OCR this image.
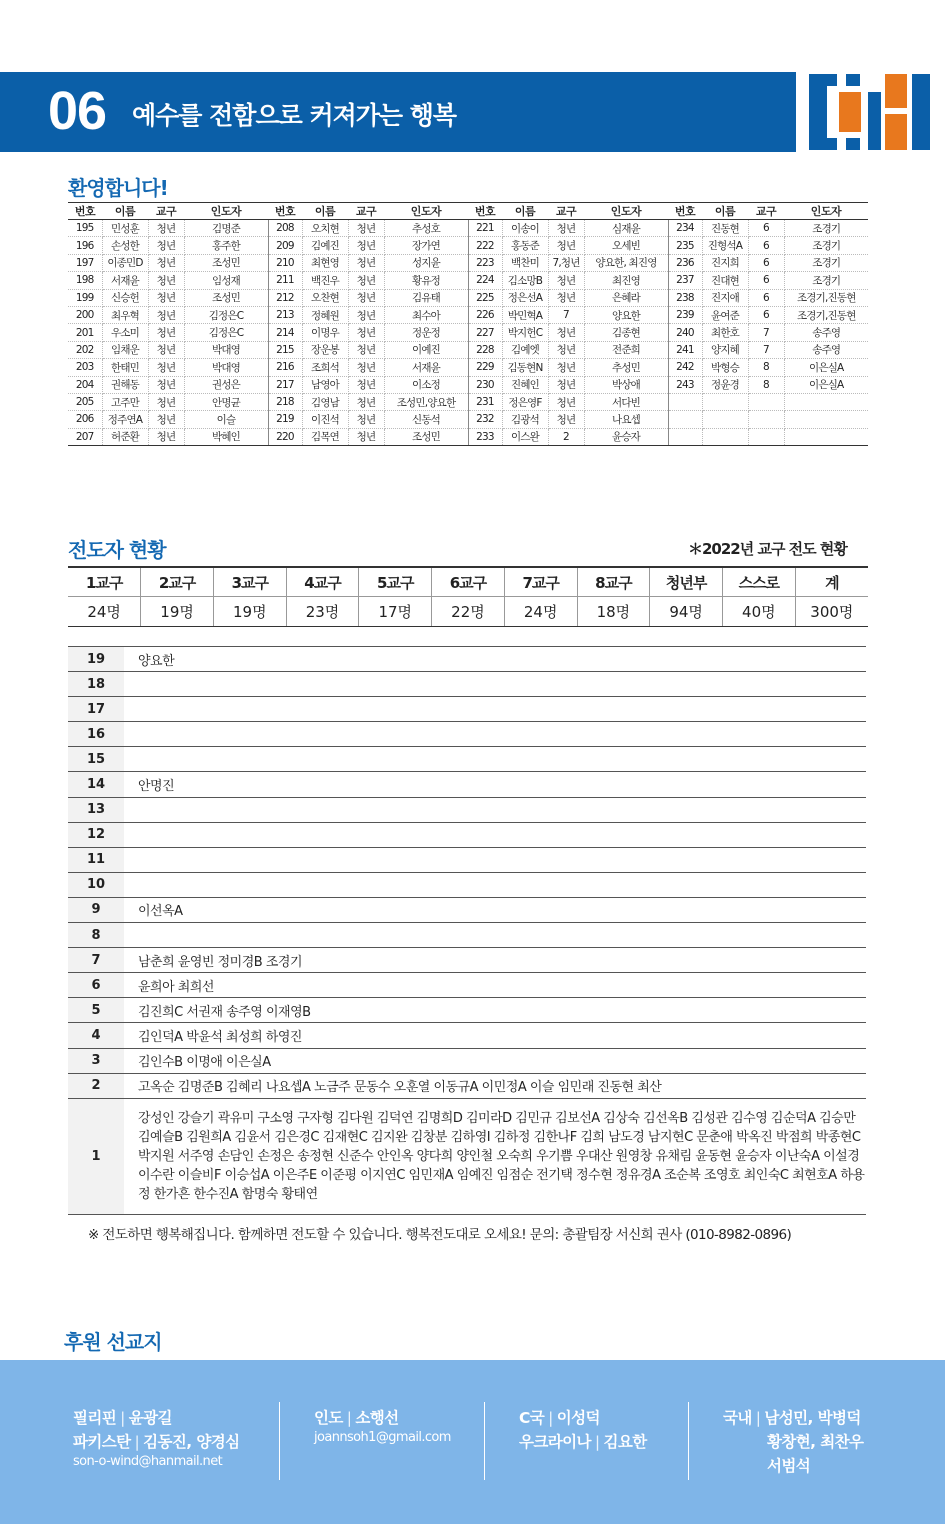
06 예수를 전함으로 커져가는 행복
환영합니다!
번호	이름	교구	인도자	번호	이름	교구	인도자	번호	이름	교구	인도자	번호	이름	교구	인도자
195	민성훈	청년	김명준	208	오치현	청년	추성호	221	이송이	청년	심재윤	234	진동현	6	조경기
196	손성한	청년	홍주한	209	김예진	청년	장가연	222	홍동준	청년	오세빈	235	진형석A	6	조경기
197	이종민D	청년	조성민	210	최현영	청년	성지윤	223	백찬미	7,청년	양요한, 최진영	236	진지희	6	조경기
198	서재윤	청년	임성재	211	백진우	청년	황유정	224	김소망B	청년	최진영	237	진대현	6	조경기
199	신승헌	청년	조성민	212	오찬현	청년	김유태	225	정은선A	청년	은혜라	238	진지애	6	조경기,진동현
200	최우혁	청년	김정은C	213	정혜원	청년	최수아	226	박민혁A	7	양요한	239	윤여준	6	조경기,진동현
201	우소미	청년	김정은C	214	이명우	청년	정운정	227	박지헌C	청년	김종현	240	최한호	7	송주영
202	임채운	청년	박대영	215	장운봉	청년	이예진	228	김예엣	청년	전준희	241	양지혜	7	송주영
203	한태민	청년	박대영	216	조희석	청년	서재윤	229	김동현N	청년	추성민	242	박형승	8	이은실A
204	권해동	청년	권성은	217	남영아	청년	이소정	230	진혜인	청년	박상애	243	정윤경	8	이은실A
205	고주만	청년	안명균	218	김영남	청년	조성민,양요한	231	정은영F	청년	서다빈				
206	정주연A	청년	이슬	219	이진석	청년	신동석	232	김광석	청년	나요셉				
207	허준환	청년	박혜인	220	김목연	청년	조성민	233	이스완	2	윤승자				
전도자 현황	＊2022년 교구 전도 현황
1교구	2교구	3교구	4교구	5교구	6교구	7교구	8교구	청년부	스스로	계
24명	19명	19명	23명	17명	22명	24명	18명	94명	40명	300명
19	양요한
18	
17	
16	
15	
14	안명진
13	
12	
11	
10	
9	이선옥A
8	
7	남춘희 윤영빈 정미경B 조경기
6	윤희아 최희선
5	김진희C 서권재 송주영 이재영B
4	김인덕A 박윤석 최성희 하영진
3	김인수B 이명애 이은실A
2	고옥순 김명준B 김혜리 나요셉A 노금주 문동수 오훈열 이동규A 이민정A 이슬 임민래 진동현 최산
1	강성인 강슬기 곽유미 구소영 구자형 김다원 김덕연 김명희D 김미라D 김민규 김보선A 김상숙 김선옥B 김성관 김수영 김순덕A 김승만 김예슬B 김원희A 김윤서 김은경C 김재현C 김지완 김창분 김하영I 김하정 김한나F 김희 남도경 남지현C 문춘애 박옥진 박점희 박종현C 박지원 서주영 손담인 손정은 송정현 신준수 안인옥 양다희 양인철 오숙희 우기쁨 우대산 원영창 유채림 윤동현 윤승자 이난숙A 이설경 이수란 이슬비F 이승섭A 이은주E 이준평 이지연C 임민재A 임예진 임점순 전기택 정수현 정유경A 조순복 조영호 최인숙C 최현호A 하용정 한가흔 한수진A 함명숙 황태연
※ 전도하면 행복해집니다. 함께하면 전도할 수 있습니다. 행복전도대로 오세요! 문의: 총괄팀장 서신희 권사 (010-8982-0896)
후원 선교지
필리핀 | 윤광길
파키스탄 | 김동진, 양경심
son-o-wind@hanmail.net
인도 | 소행선
joannsoh1@gmail.com
C국 | 이성덕
우크라이나 | 김요한
국내 | 남성민, 박병덕
황창현, 최찬우
서범석
